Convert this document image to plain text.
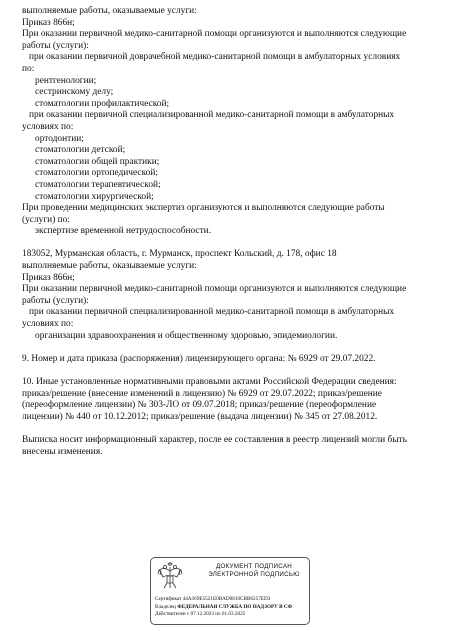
выполняемые работы, оказываемые услуги:

Приказ 866н;

При оказании первичной медико-санитарной помощи организуются и выполняются следующие

работы (услуги):

при оказании первичной доврачебной медико-санитарной помощи в амбулаторных условиях

по:

рентгенологии;

сестринскому делу;

стоматологии профилактической;

при оказании первичной специализированной медико-санитарной помощи в амбулаторных

условиях по:

ортодонтии;

стоматологии детской;

стоматологии общей практики;

стоматологии ортопедической;

стоматологии терапевтической;

стоматологии хирургической;

При проведении медицинских экспертиз организуются и выполняются следующие работы

(услуги) по:

экспертизе временной нетрудоспособности.

183052, Мурманская область, г. Мурманск, проспект Кольский, д. 178, офис 18

выполняемые работы, оказываемые услуги:

Приказ 866н;

При оказании первичной медико-санитарной помощи организуются и выполняются следующие

работы (услуги):

при оказании первичной специализированной медико-санитарной помощи в амбулаторных

условиях по:

организации здравоохранения и общественному здоровью, эпидемиологии.

9. Номер и дата приказа (распоряжения) лицензирующего органа: № 6929 от 29.07.2022.

10. Иные установленные нормативными правовыми актами Российской Федерации сведения:

приказ/решение (внесение изменений в лицензию) № 6929 от 29.07.2022; приказ/решение

(переоформление лицензии) № 303-ЛО от 09.07.2018; приказ/решение (переоформление

лицензии) № 440 от 10.12.2012; приказ/решение (выдача лицензии) № 345 от 27.08.2012.

Выписка носит информационный характер, после ее составления в реестр лицензий могли быть

внесены изменения.

ДОКУМЕНТ ПОДПИСАН
ЭЛЕКТРОННОЙ ПОДПИСЬЮ
Сертификат 44A369E5521E0BAD0810CBB8257ED3
Владелец ФЕДЕРАЛЬНАЯ СЛУЖБА ПО НАДЗОРУ В СФ
Действителен с 07.12.2023 по 01.03.2025
